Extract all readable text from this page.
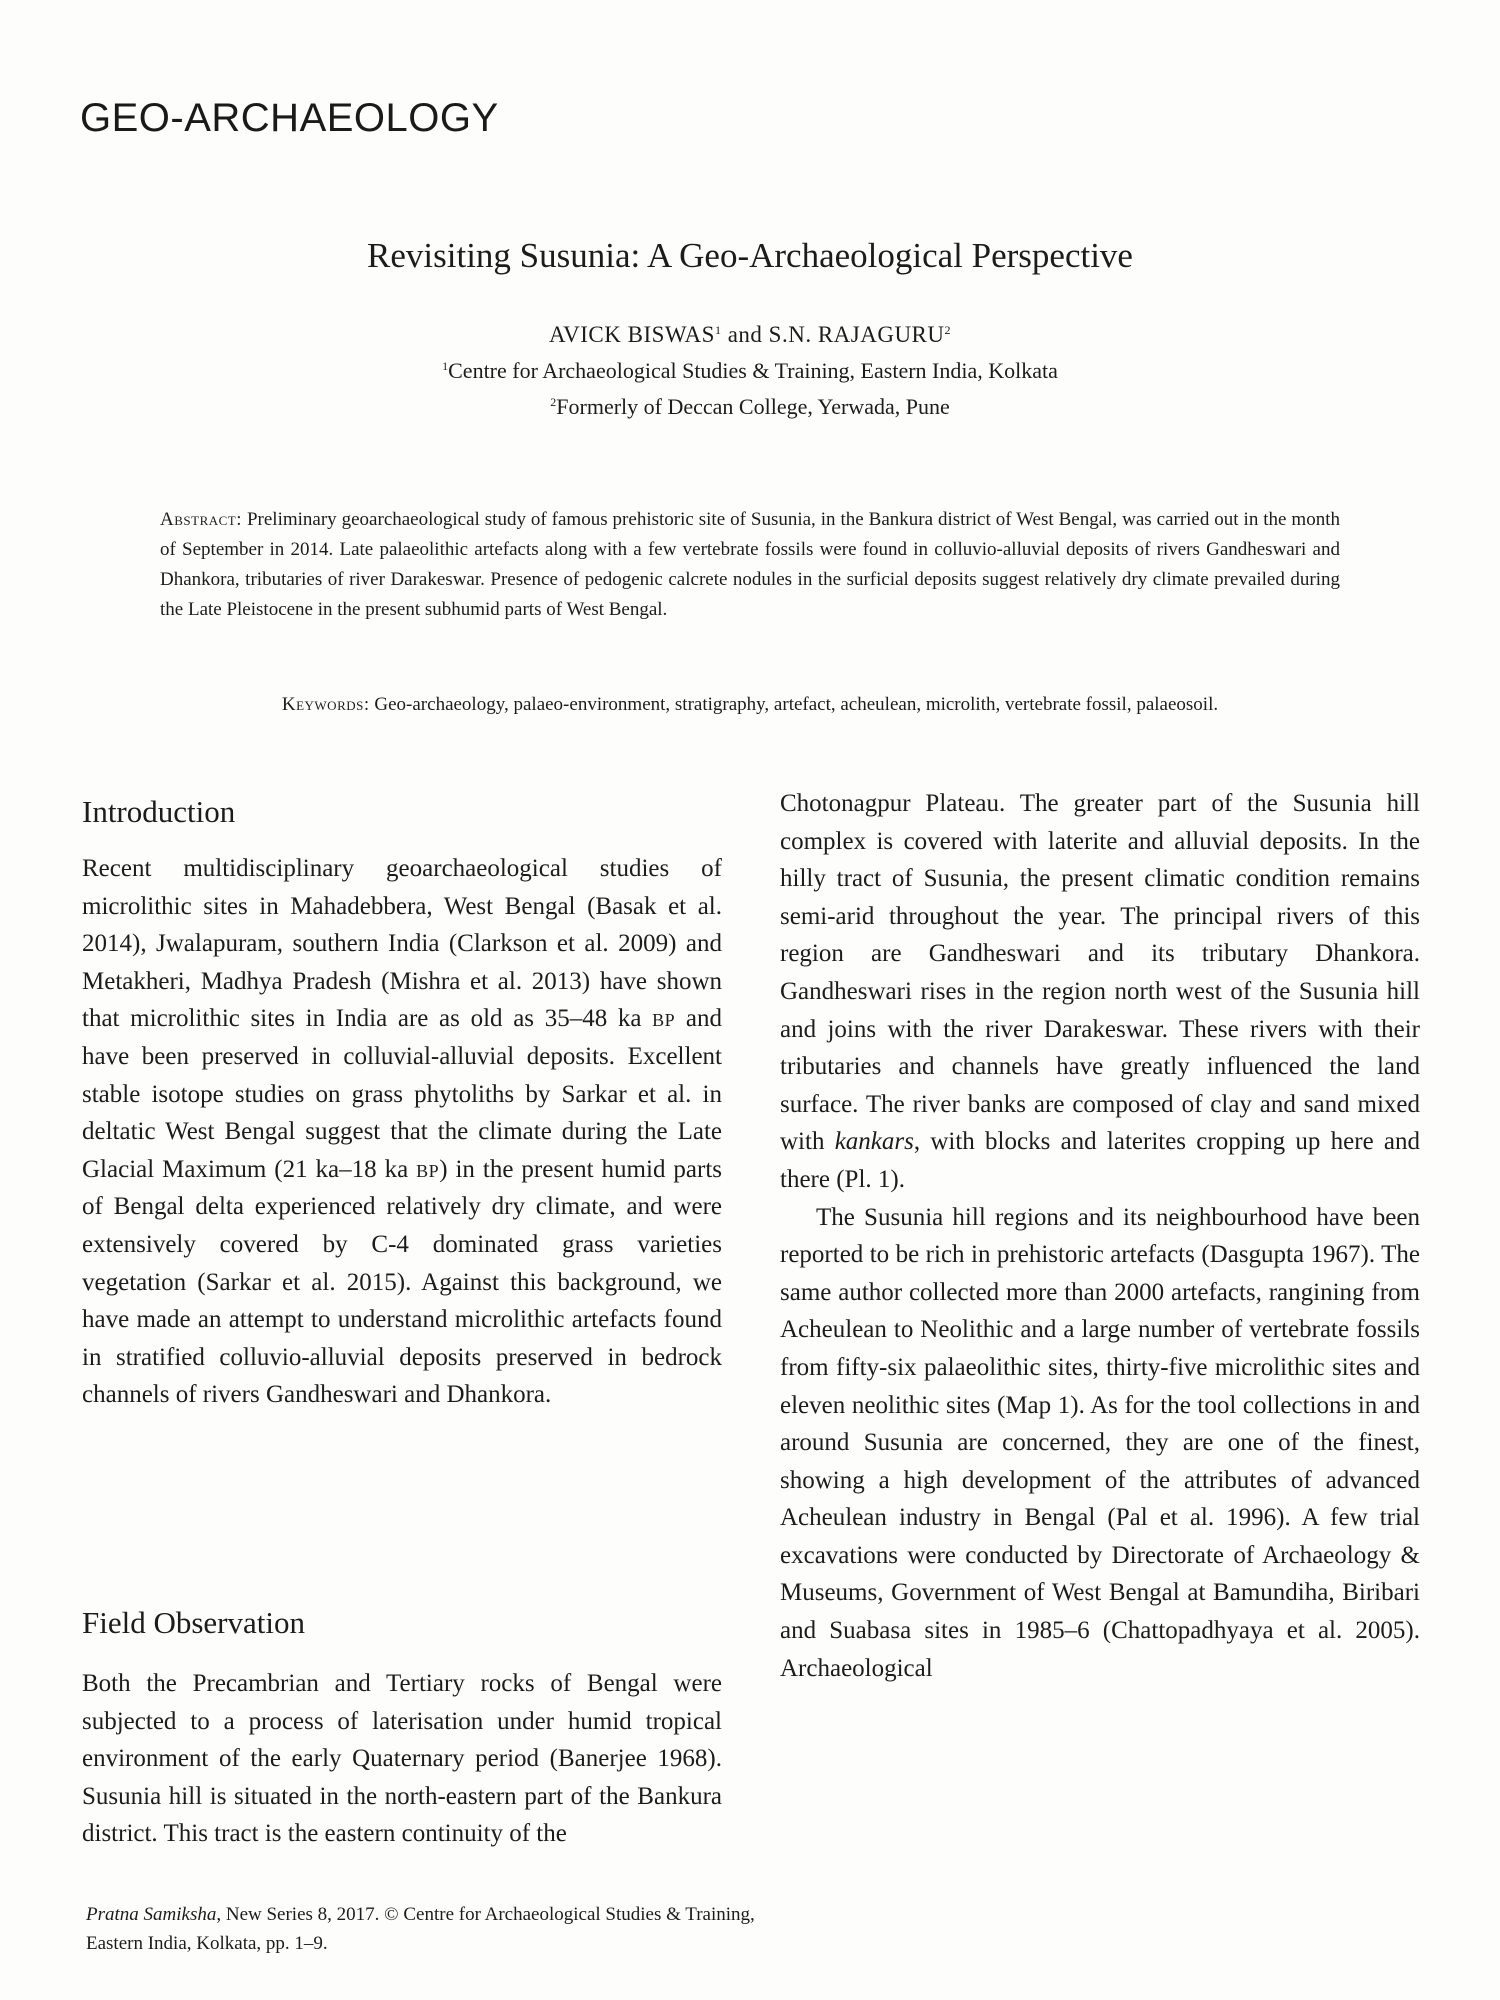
GEO-ARCHAEOLOGY
Revisiting Susunia: A Geo-Archaeological Perspective
AVICK BISWAS$^1$ and S.N. RAJAGURU$^2$
$^1$Centre for Archaeological Studies & Training, Eastern India, Kolkata
$^2$Formerly of Deccan College, Yerwada, Pune
Abstract: Preliminary geoarchaeological study of famous prehistoric site of Susunia, in the Bankura district of West Bengal, was carried out in the month of September in 2014. Late palaeolithic artefacts along with a few vertebrate fossils were found in colluvio-alluvial deposits of rivers Gandheswari and Dhankora, tributaries of river Darakeswar. Presence of pedogenic calcrete nodules in the surficial deposits suggest relatively dry climate prevailed during the Late Pleistocene in the present subhumid parts of West Bengal.
Keywords: Geo-archaeology, palaeo-environment, stratigraphy, artefact, acheulean, microlith, vertebrate fossil, palaeosoil.
Introduction

Recent multidisciplinary geoarchaeological studies of microlithic sites in Mahadebbera, West Bengal (Basak et al. 2014), Jwalapuram, southern India (Clarkson et al. 2009) and Metakheri, Madhya Pradesh (Mishra et al. 2013) have shown that microlithic sites in India are as old as 35–48 ka bp and have been preserved in colluvial-alluvial deposits. Excellent stable isotope studies on grass phytoliths by Sarkar et al. in deltatic West Bengal suggest that the climate during the Late Glacial Maximum (21 ka–18 ka bp) in the present humid parts of Bengal delta experienced relatively dry climate, and were extensively covered by C-4 dominated grass varieties vegetation (Sarkar et al. 2015). Against this background, we have made an attempt to understand microlithic artefacts found in stratified colluvio-alluvial deposits preserved in bedrock channels of rivers Gandheswari and Dhankora.

Field Observation

Both the Precambrian and Tertiary rocks of Bengal were subjected to a process of laterisation under humid tropical environment of the early Quaternary period (Banerjee 1968). Susunia hill is situated in the north-eastern part of the Bankura district. This tract is the eastern continuity of the

Chotonagpur Plateau. The greater part of the Susunia hill complex is covered with laterite and alluvial deposits. In the hilly tract of Susunia, the present climatic condition remains semi-arid throughout the year. The principal rivers of this region are Gandheswari and its tributary Dhankora. Gandheswari rises in the region north west of the Susunia hill and joins with the river Darakeswar. These rivers with their tributaries and channels have greatly influenced the land surface. The river banks are composed of clay and sand mixed with kankars, with blocks and laterites cropping up here and there (Pl. 1).

The Susunia hill regions and its neighbourhood have been reported to be rich in prehistoric artefacts (Dasgupta 1967). The same author collected more than 2000 artefacts, rangining from Acheulean to Neolithic and a large number of vertebrate fossils from fifty-six palaeolithic sites, thirty-five microlithic sites and eleven neolithic sites (Map 1). As for the tool collections in and around Susunia are concerned, they are one of the finest, showing a high development of the attributes of advanced Acheulean industry in Bengal (Pal et al. 1996). A few trial excavations were conducted by Directorate of Archaeology & Museums, Government of West Bengal at Bamundiha, Biribari and Suabasa sites in 1985–6 (Chattopadhyaya et al. 2005). Archaeological

Pratna Samiksha, New Series 8, 2017. © Centre for Archaeological Studies & Training, Eastern India, Kolkata, pp. 1–9.
